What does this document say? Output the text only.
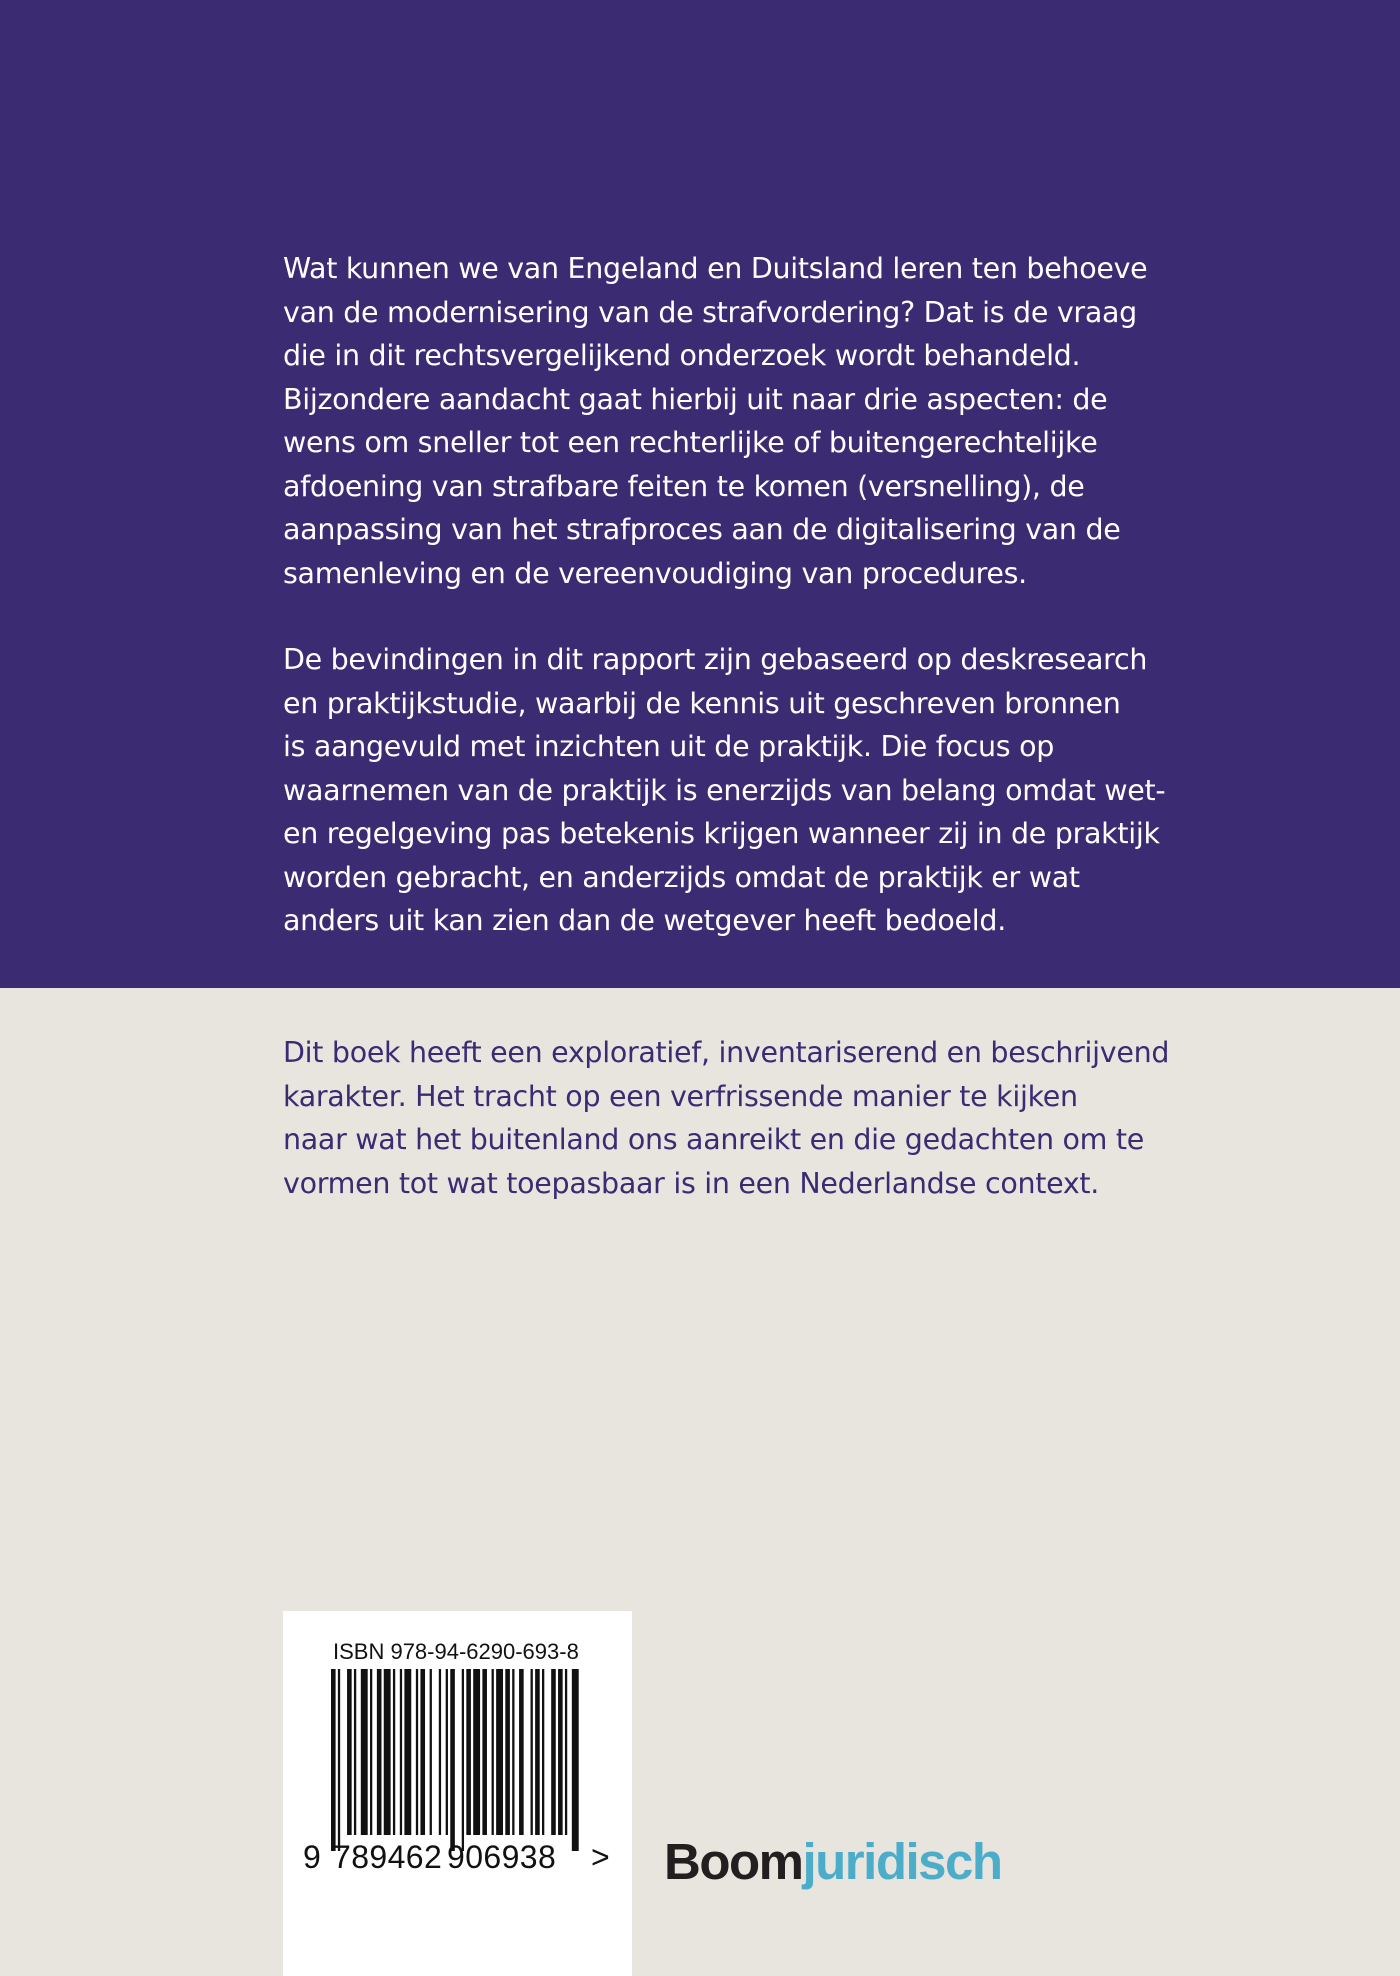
Wat kunnen we van Engeland en Duitsland leren ten behoeve
van de modernisering van de strafvordering? Dat is de vraag
die in dit rechtsvergelijkend onderzoek wordt behandeld.
Bijzondere aandacht gaat hierbij uit naar drie aspecten: de
wens om sneller tot een rechterlijke of buitengerechtelijke
afdoening van strafbare feiten te komen (versnelling), de
aanpassing van het strafproces aan de digitalisering van de
samenleving en de vereenvoudiging van procedures.

De bevindingen in dit rapport zijn gebaseerd op deskresearch
en praktijkstudie, waarbij de kennis uit geschreven bronnen
is aangevuld met inzichten uit de praktijk. Die focus op
waarnemen van de praktijk is enerzijds van belang omdat wet-
en regelgeving pas betekenis krijgen wanneer zij in de praktijk
worden gebracht, en anderzijds omdat de praktijk er wat
anders uit kan zien dan de wetgever heeft bedoeld.

Dit boek heeft een exploratief, inventariserend en beschrijvend
karakter. Het tracht op een verfrissende manier te kijken
naar wat het buitenland ons aanreikt en die gedachten om te
vormen tot wat toepasbaar is in een Nederlandse context.

ISBN 978-94-6290-693-8
9 789462 906938 > Boomjuridisch
